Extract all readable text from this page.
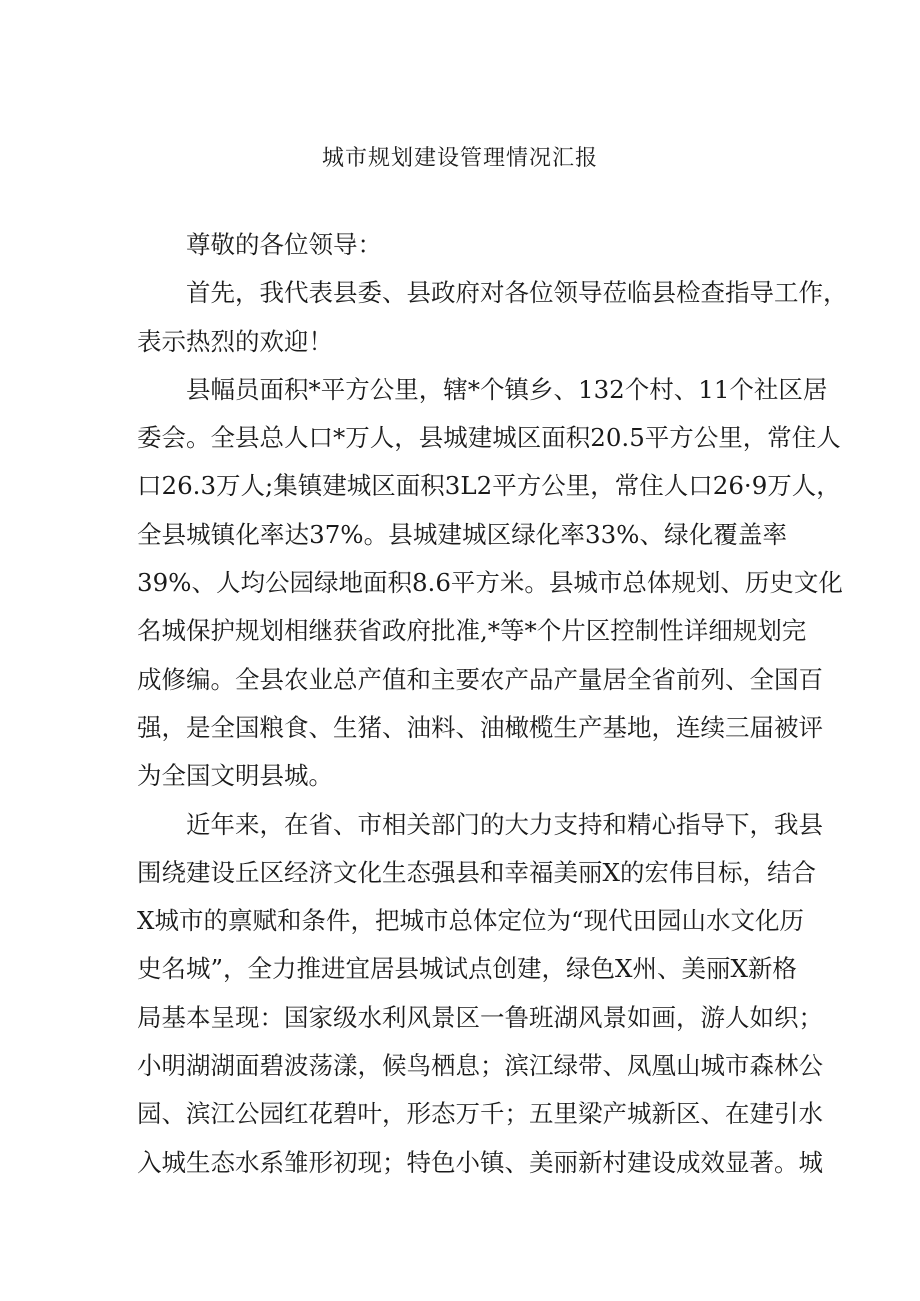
城市规划建设管理情况汇报
尊敬的各位领导：
首先，我代表县委、县政府对各位领导莅临县检查指导工作，
表示热烈的欢迎！
县幅员面积*平方公里，辖*个镇乡、132个村、11个社区居
委会。全县总人口*万人，县城建城区面积20.5平方公里，常住人
口26.3万人;集镇建城区面积3L2平方公里，常住人口26·9万人，
全县城镇化率达37%。县城建城区绿化率33%、绿化覆盖率
39%、人均公园绿地面积8.6平方米。县城市总体规划、历史文化
名城保护规划相继获省政府批准,*等*个片区控制性详细规划完
成修编。全县农业总产值和主要农产品产量居全省前列、全国百
强，是全国粮食、生猪、油料、油橄榄生产基地，连续三届被评
为全国文明县城。
近年来，在省、市相关部门的大力支持和精心指导下，我县
围绕建设丘区经济文化生态强县和幸福美丽X的宏伟目标，结合
X城市的禀赋和条件，把城市总体定位为“现代田园山水文化历
史名城”，全力推进宜居县城试点创建，绿色X州、美丽X新格
局基本呈现：国家级水利风景区一鲁班湖风景如画，游人如织；
小明湖湖面碧波荡漾，候鸟栖息；滨江绿带、凤凰山城市森林公
园、滨江公园红花碧叶，形态万千；五里梁产城新区、在建引水
入城生态水系雏形初现；特色小镇、美丽新村建设成效显著。城
